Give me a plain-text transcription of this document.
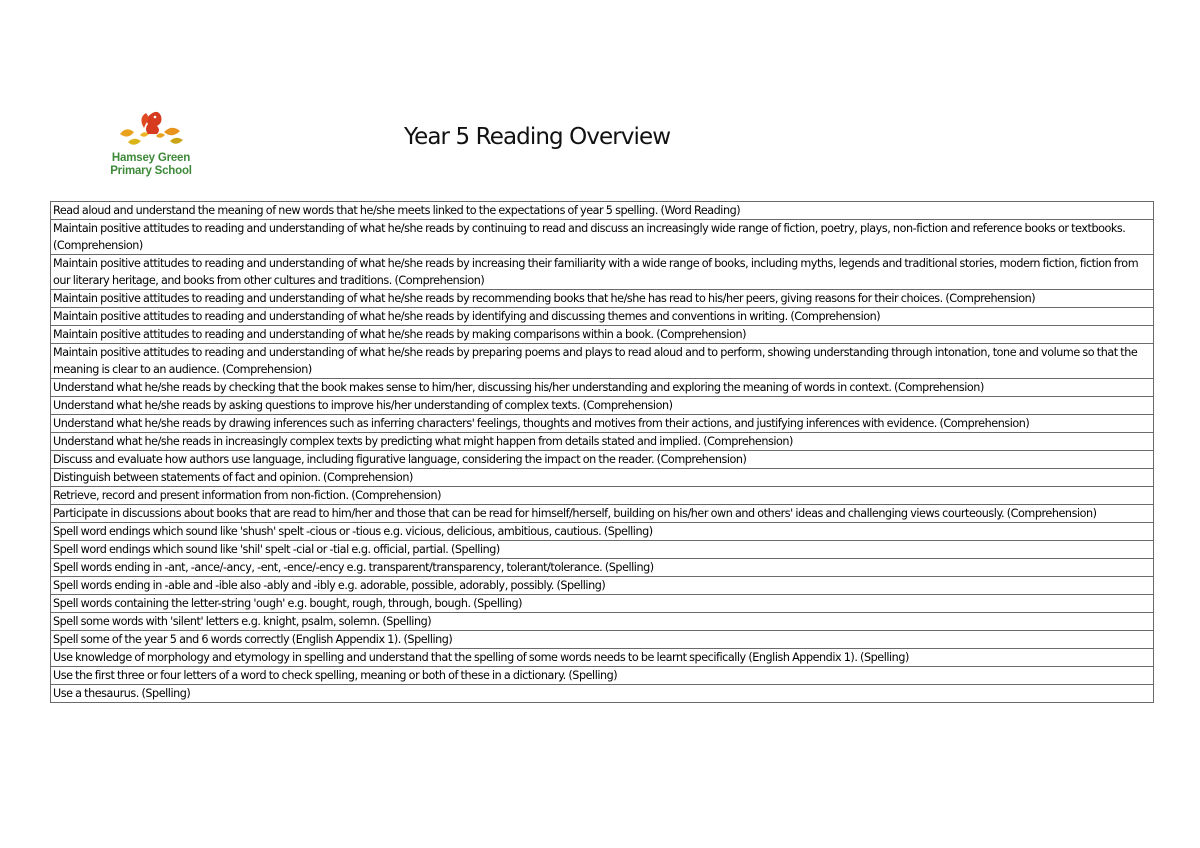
Hamsey Green
Primary School
Year 5 Reading Overview
Read aloud and understand the meaning of new words that he/she meets linked to the expectations of year 5 spelling. (Word Reading)
Maintain positive attitudes to reading and understanding of what he/she reads by continuing to read and discuss an increasingly wide range of fiction, poetry, plays, non-fiction and reference books or textbooks. (Comprehension)
Maintain positive attitudes to reading and understanding of what he/she reads by increasing their familiarity with a wide range of books, including myths, legends and traditional stories, modern fiction, fiction from our literary heritage, and books from other cultures and traditions. (Comprehension)
Maintain positive attitudes to reading and understanding of what he/she reads by recommending books that he/she has read to his/her peers, giving reasons for their choices. (Comprehension)
Maintain positive attitudes to reading and understanding of what he/she reads by identifying and discussing themes and conventions in writing. (Comprehension)
Maintain positive attitudes to reading and understanding of what he/she reads by making comparisons within a book. (Comprehension)
Maintain positive attitudes to reading and understanding of what he/she reads by preparing poems and plays to read aloud and to perform, showing understanding through intonation, tone and volume so that the meaning is clear to an audience. (Comprehension)
Understand what he/she reads by checking that the book makes sense to him/her, discussing his/her understanding and exploring the meaning of words in context. (Comprehension)
Understand what he/she reads by asking questions to improve his/her understanding of complex texts. (Comprehension)
Understand what he/she reads by drawing inferences such as inferring characters' feelings, thoughts and motives from their actions, and justifying inferences with evidence. (Comprehension)
Understand what he/she reads in increasingly complex texts by predicting what might happen from details stated and implied. (Comprehension)
Discuss and evaluate how authors use language, including figurative language, considering the impact on the reader. (Comprehension)
Distinguish between statements of fact and opinion. (Comprehension)
Retrieve, record and present information from non-fiction. (Comprehension)
Participate in discussions about books that are read to him/her and those that can be read for himself/herself, building on his/her own and others' ideas and challenging views courteously. (Comprehension)
Spell word endings which sound like 'shush' spelt -cious or -tious e.g. vicious, delicious, ambitious, cautious. (Spelling)
Spell word endings which sound like 'shil' spelt -cial or -tial e.g. official, partial. (Spelling)
Spell words ending in -ant, -ance/-ancy, -ent, -ence/-ency e.g. transparent/transparency, tolerant/tolerance. (Spelling)
Spell words ending in -able and -ible also -ably and -ibly e.g. adorable, possible, adorably, possibly. (Spelling)
Spell words containing the letter-string 'ough' e.g. bought, rough, through, bough. (Spelling)
Spell some words with 'silent' letters e.g. knight, psalm, solemn. (Spelling)
Spell some of the year 5 and 6 words correctly (English Appendix 1). (Spelling)
Use knowledge of morphology and etymology in spelling and understand that the spelling of some words needs to be learnt specifically (English Appendix 1). (Spelling)
Use the first three or four letters of a word to check spelling, meaning or both of these in a dictionary. (Spelling)
Use a thesaurus. (Spelling)
